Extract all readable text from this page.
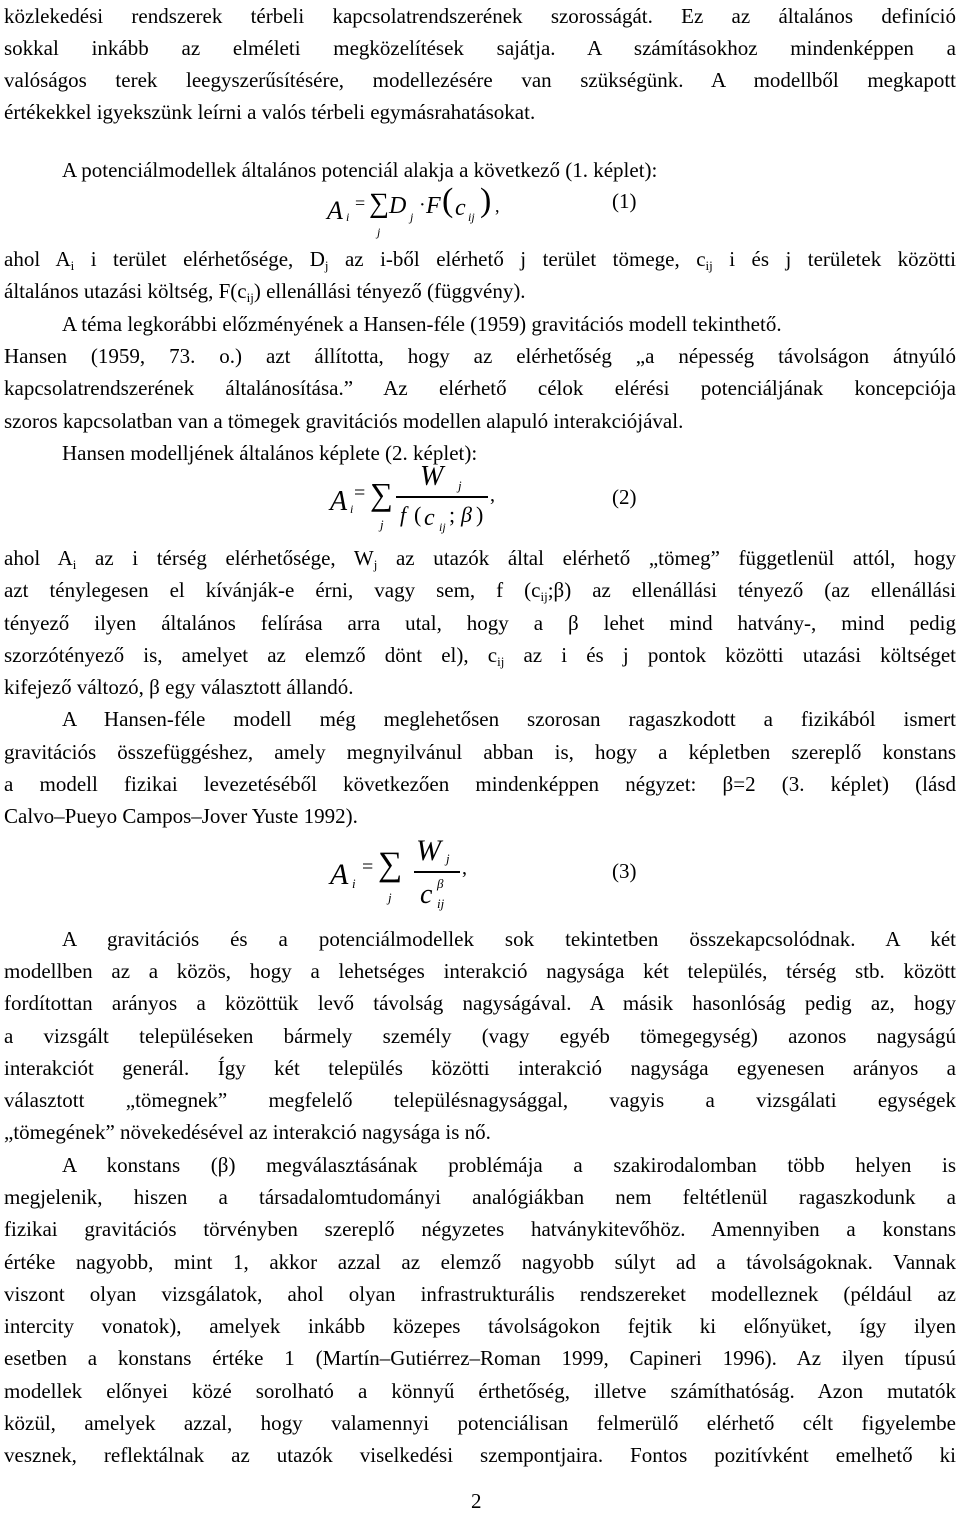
közlekedési rendszerek térbeli kapcsolatrendszerének szorosságát. Ez az általános definíció
sokkal inkább az elméleti megközelítések sajátja. A számításokhoz mindenképpen a
valóságos terek leegyszerűsítésére, modellezésére van szükségünk. A modellből megkapott
értékekkel igyekszünk leírni a valós térbeli egymásrahatásokat.
A potenciálmodellek általános potenciál alakja a következő (1. képlet):
A i
= ∑
j
D j
· F ( c ij ) ,	(1)
ahol $A_i$ i terület elérhetősége, $D_j$ az i-ből elérhető j terület tömege, $c_{ij}$ i és j területek közötti
általános utazási költség, $F(c_{ij})$ ellenállási tényező (függvény).
A téma legkorábbi előzményének a Hansen-féle (1959) gravitációs modell tekinthető.
Hansen (1959, 73. o.) azt állította, hogy az elérhetőség „a népesség távolságon átnyúló
kapcsolatrendszerének általánosítása.” Az elérhető célok elérési potenciáljának koncepciója
szoros kapcsolatban van a tömegek gravitációs modellen alapuló interakciójával.
Hansen modelljének általános képlete (2. képlet):
A i
= ∑
j
W j
f ( c ij ; β )
,	(2)
ahol $A_i$ az i térség elérhetősége, $W_j$ az utazók által elérhető „tömeg” függetlenül attól, hogy
azt ténylegesen el kívánják-e érni, vagy sem, f $(c_{ij};\beta)$ az ellenállási tényező (az ellenállási
tényező ilyen általános felírása arra utal, hogy a β lehet mind hatvány-, mind pedig
szorzótényező is, amelyet az elemző dönt el), $c_{ij}$ az i és j pontok közötti utazási költséget
kifejező változó, β egy választott állandó.
A Hansen-féle modell még meglehetősen szorosan ragaszkodott a fizikából ismert
gravitációs összefüggéshez, amely megnyilvánul abban is, hogy a képletben szereplő konstans
a modell fizikai levezetéséből következően mindenképpen négyzet: β=2 (3. képlet) (lásd
Calvo–Pueyo Campos–Jover Yuste 1992).
A i
= ∑
j
W j
c ij
β
,	(3)
A gravitációs és a potenciálmodellek sok tekintetben összekapcsolódnak. A két
modellben az a közös, hogy a lehetséges interakció nagysága két település, térség stb. között
fordítottan arányos a közöttük levő távolság nagyságával. A másik hasonlóság pedig az, hogy
a vizsgált településeken bármely személy (vagy egyéb tömegegység) azonos nagyságú
interakciót generál. Így két település közötti interakció nagysága egyenesen arányos a
választott „tömegnek” megfelelő településnagysággal, vagyis a vizsgálati egységek
„tömegének” növekedésével az interakció nagysága is nő.
A konstans (β) megválasztásának problémája a szakirodalomban több helyen is
megjelenik, hiszen a társadalomtudományi analógiákban nem feltétlenül ragaszkodunk a
fizikai gravitációs törvényben szereplő négyzetes hatványkitevőhöz. Amennyiben a konstans
értéke nagyobb, mint 1, akkor azzal az elemző nagyobb súlyt ad a távolságoknak. Vannak
viszont olyan vizsgálatok, ahol olyan infrastrukturális rendszereket modelleznek (például az
intercity vonatok), amelyek inkább közepes távolságokon fejtik ki előnyüket, így ilyen
esetben a konstans értéke 1 (Martín–Gutiérrez–Roman 1999, Capineri 1996). Az ilyen típusú
modellek előnyei közé sorolható a könnyű érthetőség, illetve számíthatóság. Azon mutatók
közül, amelyek azzal, hogy valamennyi potenciálisan felmerülő elérhető célt figyelembe
vesznek, reflektálnak az utazók viselkedési szempontjaira. Fontos pozitívként emelhető ki
2
